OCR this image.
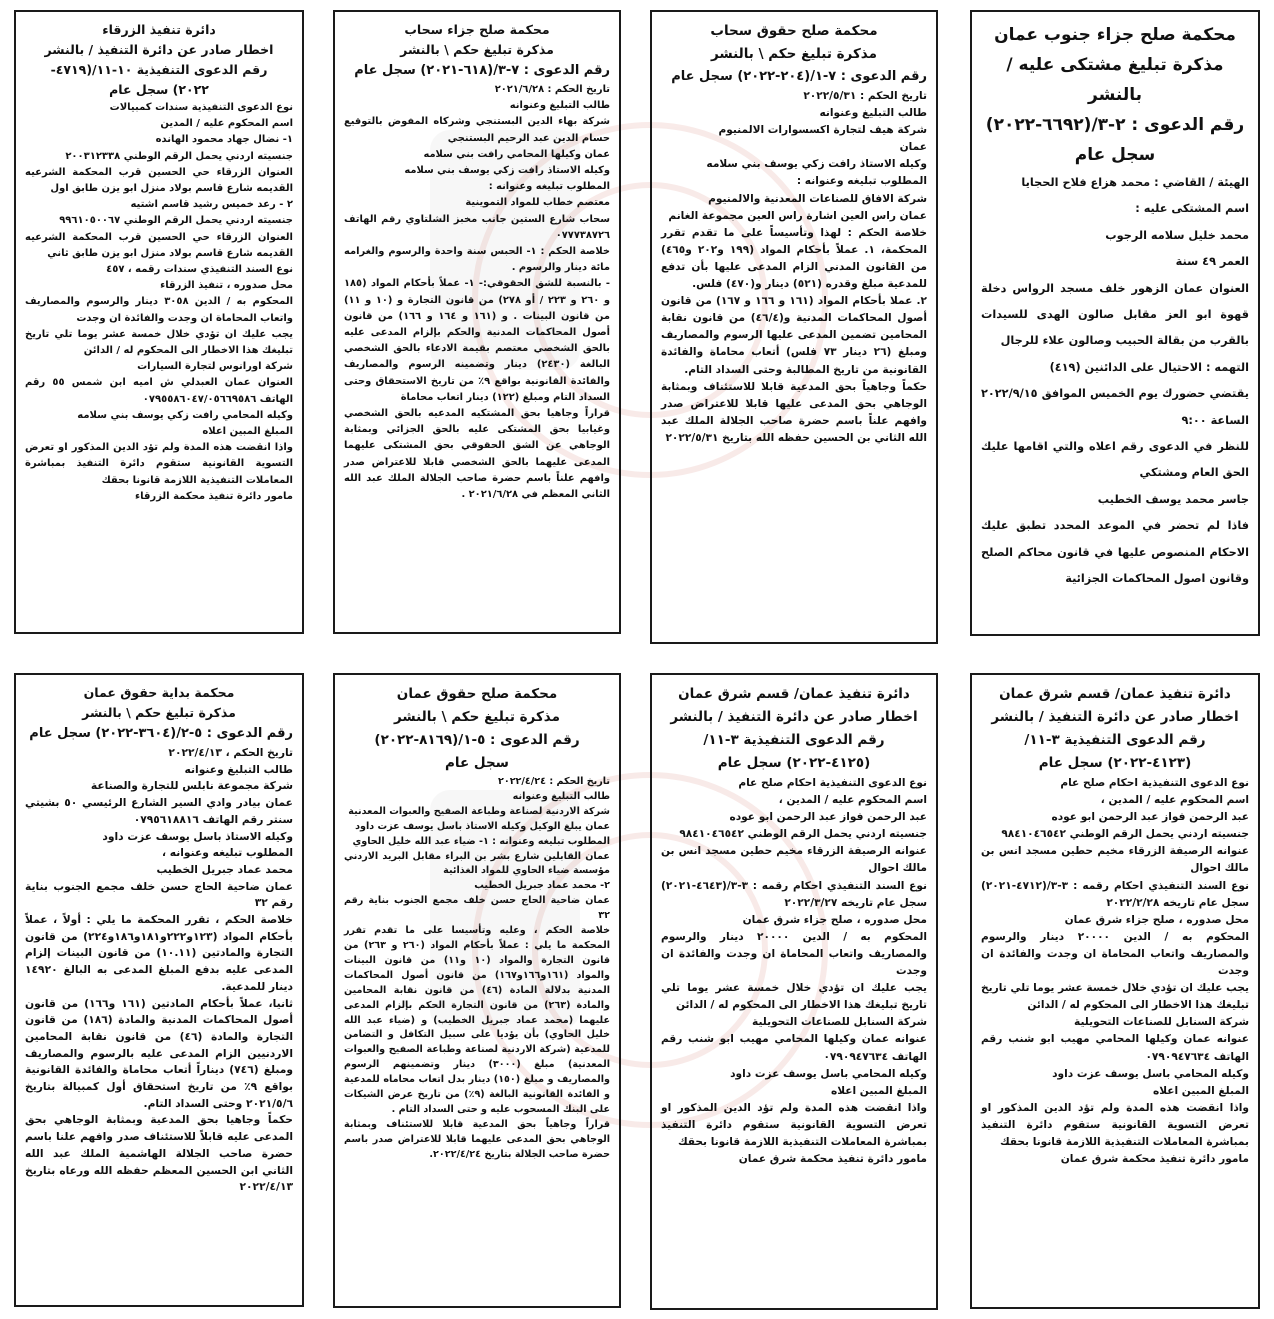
محكمة صلح جزاء جنوب عمان
مذكرة تبليغ مشتكى عليه / بالنشر
رقم الدعوى : ٢-٣/(٦٦٩٢-٢٠٢٢)
سجل عام

الهيئة / القاضي : محمد هزاع فلاح الحجايا

اسم المشتكى عليه :

محمد خليل سلامه الرجوب

العمر ٤٩ سنة

العنوان عمان الزهور خلف مسجد الرواس دخلة قهوة ابو العز مقابل صالون الهدى للسيدات بالقرب من بقالة الحبيب وصالون علاء للرجال

التهمه : الاحتيال على الدائنين (٤١٩)

يقتضي حضورك يوم الخميس الموافق ٢٠٢٢/٩/١٥ الساعة ٩:٠٠

للنظر في الدعوى رقم اعلاه والتي اقامها عليك الحق العام ومشتكي

جاسر محمد يوسف الخطيب

فاذا لم تحضر في الموعد المحدد تطبق عليك الاحكام المنصوص عليها في قانون محاكم الصلح وقانون اصول المحاكمات الجزائية

محكمة صلح حقوق سحاب
مذكرة تبليغ حكم \ بالنشر
رقم الدعوى : ٧-١/(٢٠٤-٢٠٢٢) سجل عام

تاريخ الحكم : ٢٠٢٢/٥/٣١

طالب التبليغ وعنوانه

شركة هيف لتجارة اكسسوارات الالمنيوم

عمان

وكيله الاستاذ رافت زكي يوسف بني سلامه

المطلوب تبليغه وعنوانه :

شركة الافاق للصناعات المعدنية والالمنيوم

عمان راس العين اشارة راس العين مجموعة الغانم

خلاصة الحكم : لهذا وتأسيساً على ما تقدم تقرر المحكمة، ١. عملاً بأحكام المواد (١٩٩ و٢٠٢ و٤٦٥) من القانون المدني الزام المدعى عليها بأن تدفع للمدعية مبلغ وقدره (٥٢١) دينار و(٤٧٠) فلس.

٢. عملا بأحكام المواد (١٦١ و ١٦٦ و ١٦٧) من قانون أصول المحاكمات المدنية و(٤٦/٤) من قانون نقابة المحامين تضمين المدعى عليها الرسوم والمصاريف ومبلغ (٢٦ دينار ٧٣ فلس) أتعاب محاماة والفائدة القانونية من تاريخ المطالبة وحتى السداد التام.

حكماً وجاهياً بحق المدعية قابلا للاستئناف وبمثابة الوجاهي بحق المدعى عليها قابلا للاعتراض صدر وافهم علناً باسم حضرة صاحب الجلالة الملك عبد الله الثاني بن الحسين حفظه الله بتاريخ ٢٠٢٢/٥/٣١

محكمة صلح جزاء سحاب
مذكرة تبليغ حكم \ بالنشر
رقم الدعوى : ٧-٣/(٦١٨-٢٠٢١) سجل عام

تاريخ الحكم : ٢٠٢١/٦/٢٨

طالب التبليغ وعنوانه

شركة بهاء الدين البستنجي وشركاه المفوض بالتوقيع حسام الدين عبد الرحيم البستنجي

عمان وكيلها المحامي رافت بني سلامه

وكيله الاستاذ رافت زكي يوسف بني سلامه

المطلوب تبليغه وعنوانه :

معتصم خطاب للمواد التموينية

سحاب شارع الستين جانب مخبز الشلتاوي رقم الهاتف ٠٧٧٧٣٨٧٢٦

خلاصة الحكم : ١- الحبس سنة واحدة والرسوم والغرامه مائة دينار والرسوم .

- بالنسبة للشق الحقوقي:- ١- عملاً بأحكام المواد (١٨٥ و ٢٦٠ و ٢٢٣ / أو ٢٧٨) من قانون التجارة و (١٠ و ١١) من قانون البينات . و (١٦١ و ١٦٤ و ١٦٦) من قانون أصول المحاكمات المدنية والحكم بإلزام المدعى عليه بالحق الشخصي معتصم بقيمة الادعاء بالحق الشخصي البالغة (٢٤٣٠) دينار وتضمينه الرسوم والمصاريف والفائدة القانونية بواقع ٩٪ من تاريخ الاستحقاق وحتى السداد التام ومبلغ (١٢٢) دينار اتعاب محاماة

قراراً وجاهيا بحق المشتكيه المدعيه بالحق الشخصي وغيابيا بحق المشتكى عليه بالحق الجزائي وبمثابة الوجاهي عن الشق الحقوقي بحق المشتكى عليهما المدعى عليهما بالحق الشخصي قابلا للاعتراض صدر وافهم علناً باسم حضرة صاحب الجلالة الملك عبد الله الثاني المعظم في ٢٠٢١/٦/٢٨ .

دائرة تنفيذ الزرقاء
اخطار صادر عن دائرة التنفيذ / بالنشر
رقم الدعوى التنفيذية ١٠-١١/(٤٧١٩-
٢٠٢٢) سجل عام

نوع الدعوى التنفيذية سندات كمبيالات

اسم المحكوم عليه / المدين

١- نضال جهاد محمود الهانده

جنسيته اردني يحمل الرقم الوطني ٢٠٠٣١٢٣٣٨

العنوان الزرقاء حي الحسين قرب المحكمة الشرعيه القديمه شارع قاسم بولاد منزل ابو يزن طابق اول

٢ - رعد خميس رشيد قاسم اشتيه

جنسيته اردني يحمل الرقم الوطني ٩٩٦١٠٥٠٠٦٧

العنوان الزرقاء حي الحسين قرب المحكمة الشرعيه القديمه شارع قاسم بولاد منزل ابو يزن طابق ثاني

نوع السند التنفيذي سندات رقمه ، ٤٥٧

محل صدوره ، تنفيذ الزرقاء

المحكوم به / الدين ٣٠٥٨ دينار والرسوم والمصاريف واتعاب المحاماة ان وجدت والفائدة ان وجدت

يجب عليك ان تؤدي خلال خمسة عشر يوما تلي تاريخ تبليغك هذا الاخطار الى المحكوم له / الدائن

شركة اورانوس لتجارة السيارات

العنوان عمان العبدلي ش اميه ابن شمس ٥٥ رقم الهاتف ٠٧٩٥٥٨٦٠٤٧/٠٥٦٦٩٥٨٦

وكيله المحامي رافت زكي يوسف بني سلامه

المبلغ المبين اعلاه

واذا انقضت هذه المدة ولم تؤد الدين المذكور او تعرض التسوية القانونية ستقوم دائرة التنفيذ بمباشرة المعاملات التنفيذية اللازمة قانونا بحقك

مامور دائرة تنفيذ محكمة الزرقاء

دائرة تنفيذ عمان/ قسم شرق عمان
اخطار صادر عن دائرة التنفيذ / بالنشر
رقم الدعوى التنفيذية ٣-١١/
(٤١٢٣-٢٠٢٢) سجل عام

نوع الدعوى التنفيذية احكام صلح عام

اسم المحكوم عليه / المدين ،

عبد الرحمن فواز عبد الرحمن ابو عوده

جنسيته اردني يحمل الرقم الوطني ٩٨٤١٠٤٦٥٤٢

عنوانه الرصيفة الزرقاء مخيم حطين مسجد انس بن مالك احوال

نوع السند التنفيذي احكام رقمه : ٣-٣/(٤٧١٢-٢٠٢١) سجل عام تاريخه ٢٠٢٢/٢/٢٨

محل صدوره ، صلح جزاء شرق عمان

المحكوم به / الدين ٢٠٠٠٠ دينار والرسوم والمصاريف واتعاب المحاماة ان وجدت والفائدة ان وجدت

يجب عليك ان تؤدي خلال خمسة عشر يوما تلي تاريخ تبليغك هذا الاخطار الى المحكوم له / الدائن

شركة السنابل للصناعات التحويلية

عنوانه عمان وكيلها المحامي مهيب ابو شنب رقم الهاتف ٠٧٩٠٩٤٧٦٣٤

وكيله المحامي باسل يوسف عزت داود

المبلغ المبين اعلاه

واذا انقضت هذه المدة ولم تؤد الدين المذكور او تعرض التسوية القانونية ستقوم دائرة التنفيذ بمباشرة المعاملات التنفيذية اللازمة قانونا بحقك

مامور دائرة تنفيذ محكمة شرق عمان

دائرة تنفيذ عمان/ قسم شرق عمان
اخطار صادر عن دائرة التنفيذ / بالنشر
رقم الدعوى التنفيذية ٣-١١/
(٤١٢٥-٢٠٢٢) سجل عام

نوع الدعوى التنفيذية احكام صلح عام

اسم المحكوم عليه / المدين ،

عبد الرحمن فواز عبد الرحمن ابو عوده

جنسيته اردني يحمل الرقم الوطني ٩٨٤١٠٤٦٥٤٢

عنوانه الرصيفة الزرقاء مخيم حطين مسجد انس بن مالك احوال

نوع السند التنفيذي احكام رقمه : ٣-٣/(٤٦٤٣-٢٠٢١) سجل عام تاريخه ٢٠٢٢/٣/٢٧

محل صدوره ، صلح جزاء شرق عمان

المحكوم به / الدين ٢٠٠٠٠ دينار والرسوم والمصاريف واتعاب المحاماة ان وجدت والفائدة ان وجدت

يجب عليك ان تؤدي خلال خمسة عشر يوما تلي تاريخ تبليغك هذا الاخطار الى المحكوم له / الدائن

شركة السنابل للصناعات التحويلية

عنوانه عمان وكيلها المحامي مهيب ابو شنب رقم الهاتف ٠٧٩٠٩٤٧٦٣٤

وكيله المحامي باسل يوسف عزت داود

المبلغ المبين اعلاه

واذا انقضت هذه المدة ولم تؤد الدين المذكور او تعرض التسوية القانونية ستقوم دائرة التنفيذ بمباشرة المعاملات التنفيذية اللازمة قانونا بحقك

مامور دائرة تنفيذ محكمة شرق عمان

محكمة صلح حقوق عمان
مذكرة تبليغ حكم \ بالنشر
رقم الدعوى : ٥-١/(٨١٦٩-٢٠٢٢)
سجل عام

تاريخ الحكم : ٢٠٢٢/٤/٢٤

طالب التبليغ وعنوانه

شركة الاردنية لصناعة وطباعة الصفيح والعبوات المعدنية

عمان يبلغ الوكيل وكيله الاستاذ باسل يوسف عزت داود

المطلوب تبليغه وعنوانه : ١- ضياء عبد الله خليل الحاوي

عمان القابلين شارع بشر بن البراء مقابل البريد الاردني مؤسسة ضياء الحاوي للمواد الغذائية

٢- محمد عماد جبريل الخطيب

عمان ضاحية الحاج حسن خلف مجمع الجنوب بناية رقم ٣٢

خلاصة الحكم ، وعليه وتأسيسا على ما تقدم تقرر المحكمة ما يلي : عملاً بأحكام المواد (٢٦٠ و ٢٦٣) من قانون التجارة والمواد (١٠ و١١) من قانون البينات والمواد (١٦١و١٦٦و١٦٧) من قانون أصول المحاكمات المدنية بدلالة المادة (٤٦) من قانون نقابة المحامين والمادة (٢٦٣) من قانون التجارة الحكم بإلزام المدعى عليهما (محمد عماد جبريل الخطيب) و (ضياء عبد الله خليل الحاوي) بأن يؤديا على سبيل التكافل و التضامن للمدعية (شركة الاردنية لصناعة وطباعة الصفيح والعبوات المعدنية) مبلغ (٣٠٠٠) دينار وتضمينهم الرسوم والمصاريف و مبلغ (١٥٠) دينار بدل اتعاب محاماه للمدعية و الفائدة القانونية البالغة (٩٪) من تاريخ عرض الشيكات على البنك المسحوب عليه و حتى السداد التام .

قراراً وجاهياً بحق المدعية قابلا للاستئناف وبمثابة الوجاهي بحق المدعى عليهما قابلا للاعتراض صدر باسم حضرة صاحب الجلالة بتاريخ ٢٠٢٢/٤/٢٤.

محكمة بداية حقوق عمان
مذكرة تبليغ حكم \ بالنشر
رقم الدعوى : ٥-٢/(٣٦٠٤-٢٠٢٢) سجل عام

تاريخ الحكم ، ٢٠٢٢/٤/١٣

طالب التبليغ وعنوانه

شركة مجموعة نابلس للتجارة والصناعة

عمان بيادر وادي السير الشارع الرئيسي ٥٠ بشيتي سنتر رقم الهاتف ٠٧٩٥٦١٨٨١٦

وكيله الاستاذ باسل يوسف عزت داود

المطلوب تبليغه وعنوانه ،

محمد عماد جبريل الخطيب

عمان ضاحية الحاج حسن خلف مجمع الجنوب بناية رقم ٣٢

خلاصة الحكم ، تقرر المحكمة ما يلي : أولاً ، عملاً بأحكام المواد (١٢٣و٢٢٢و١٨١و١٨٦و٢٢٤) من قانون التجارة والمادتين (١٠.١١) من قانون البينات إلزام المدعى عليه بدفع المبلغ المدعى به البالغ ١٤٩٢٠ دينار للمدعية.

ثانيا، عملاً بأحكام المادتين (١٦١ و١٦٦) من قانون أصول المحاكمات المدنية والمادة (١٨٦) من قانون التجارة والمادة (٤٦) من قانون نقابة المحامين الاردنيين الزام المدعى عليه بالرسوم والمصاريف ومبلغ (٧٤٦) ديناراً أتعاب محاماة والفائدة القانونية بواقع ٩٪ من تاريخ استحقاق أول كمبيالة بتاريخ ٢٠٢١/٥/٦ وحتى السداد التام.

حكماً وجاهيا بحق المدعية وبمثابة الوجاهي بحق المدعى عليه قابلاً للاستئناف صدر وافهم علنا باسم حضرة صاحب الجلالة الهاشمية الملك عبد الله الثاني ابن الحسين المعظم حفظه الله ورعاه بتاريخ ٢٠٢٢/٤/١٣
